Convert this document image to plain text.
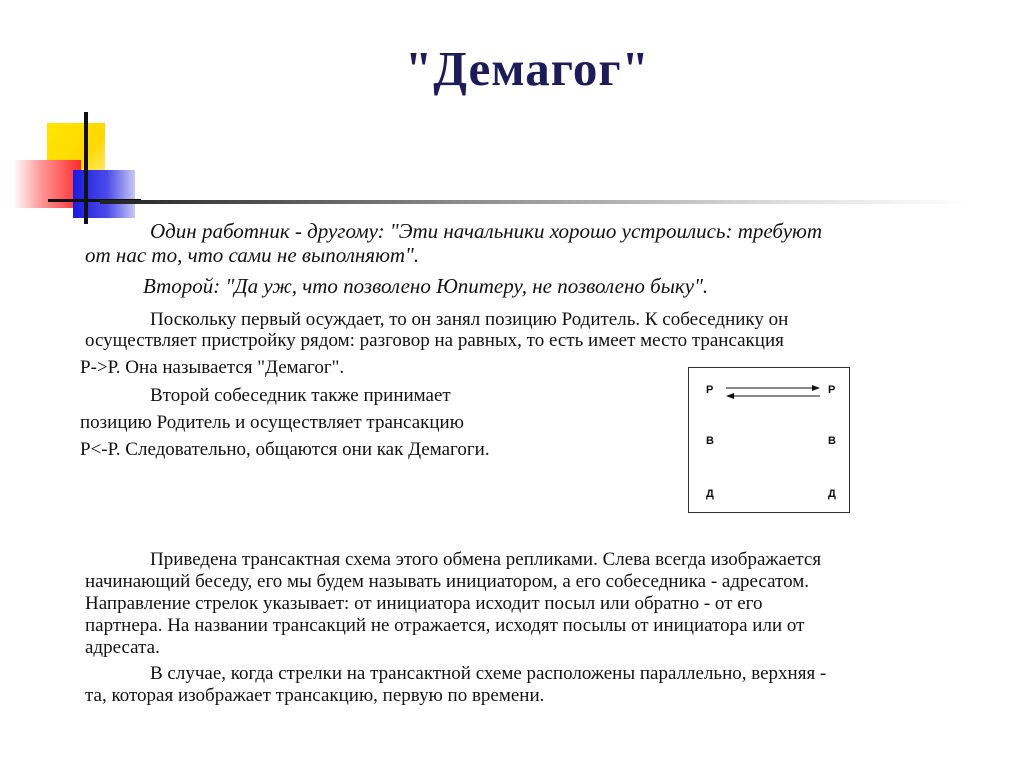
"Демагог"
Один работник - другому: "Эти начальники хорошо устроились: требуют
от нас то, что сами не выполняют".
Второй: "Да уж, что позволено Юпитеру, не позволено быку".
Поскольку первый осуждает, то он занял позицию Родитель. К собеседнику он
осуществляет пристройку рядом: разговор на равных, то есть имеет место трансакция
Р->Р. Она называется "Демагог".
Второй собеседник также принимает
позицию Родитель и осуществляет трансакцию
Р<-Р. Следовательно, общаются они как Демагоги.
Р
В
Д
Р
В
Д
Приведена трансактная схема этого обмена репликами. Слева всегда изображается
начинающий беседу, его мы будем называть инициатором, а его собеседника - адресатом.
Направление стрелок указывает: от инициатора исходит посыл или обратно - от его
партнера. На названии трансакций не отражается, исходят посылы от инициатора или от
адресата.
В случае, когда стрелки на трансактной схеме расположены параллельно, верхняя -
та, которая изображает трансакцию, первую по времени.
